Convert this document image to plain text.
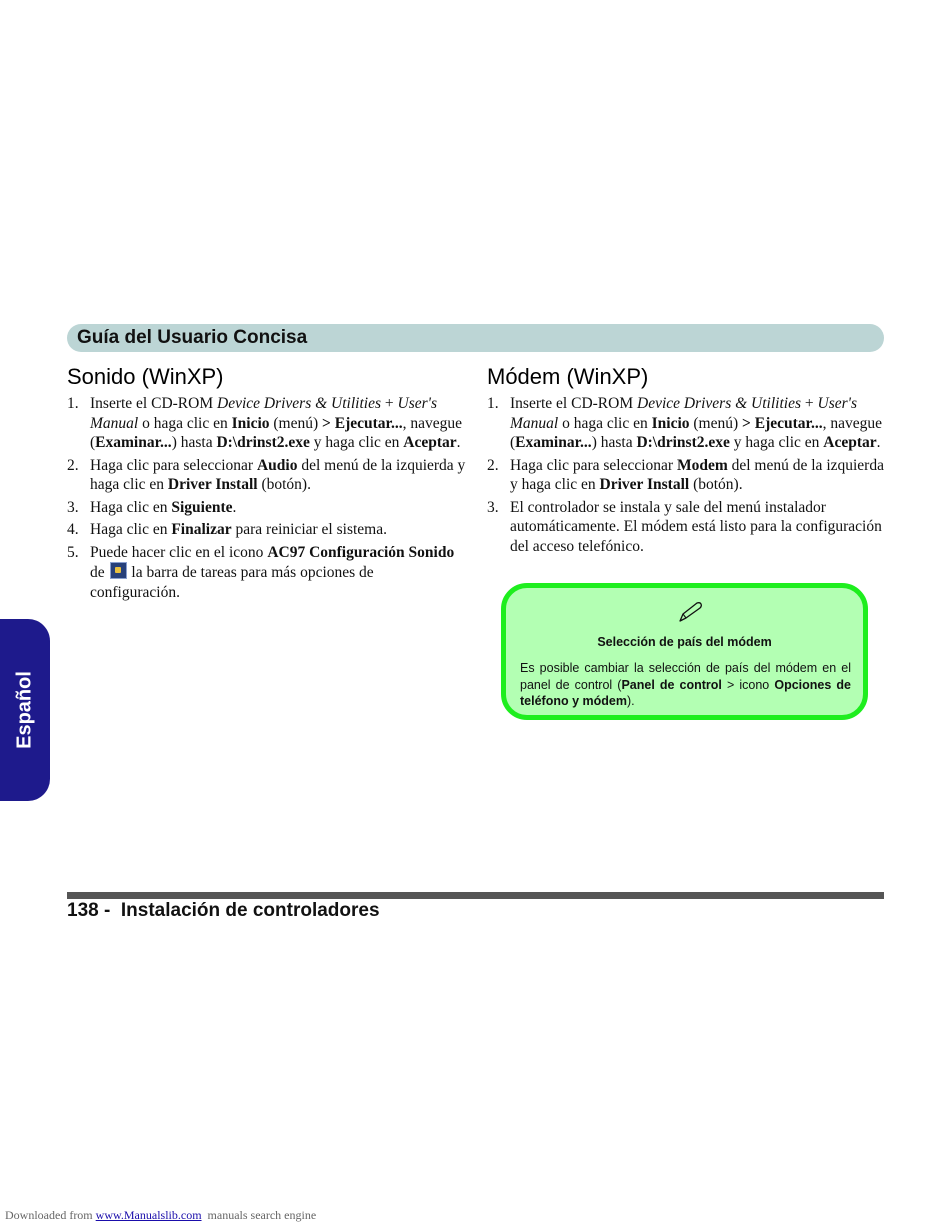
Guía del Usuario Concisa
Sonido (WinXP)
1. Inserte el CD-ROM Device Drivers & Utilities + User's Manual o haga clic en Inicio (menú) > Ejecutar..., navegue (Examinar...) hasta D:\drinst2.exe y haga clic en Aceptar.
2. Haga clic para seleccionar Audio del menú de la izquierda y haga clic en Driver Install (botón).
3. Haga clic en Siguiente.
4. Haga clic en Finalizar para reiniciar el sistema.
5. Puede hacer clic en el icono AC97 Configuración Sonido de  la barra de tareas para más opciones de configuración.
Módem (WinXP)
1. Inserte el CD-ROM Device Drivers & Utilities + User's Manual o haga clic en Inicio (menú) > Ejecutar..., navegue (Examinar...) hasta D:\drinst2.exe y haga clic en Aceptar.
2. Haga clic para seleccionar Modem del menú de la izquierda y haga clic en Driver Install (botón).
3. El controlador se instala y sale del menú instalador automáticamente. El módem está listo para la configuración del acceso telefónico.
Selección de país del módem
Es posible cambiar la selección de país del módem en el panel de control (Panel de control > icono Opciones de teléfono y módem).
Español
138 -  Instalación de controladores
Downloaded from www.Manualslib.com  manuals search engine
